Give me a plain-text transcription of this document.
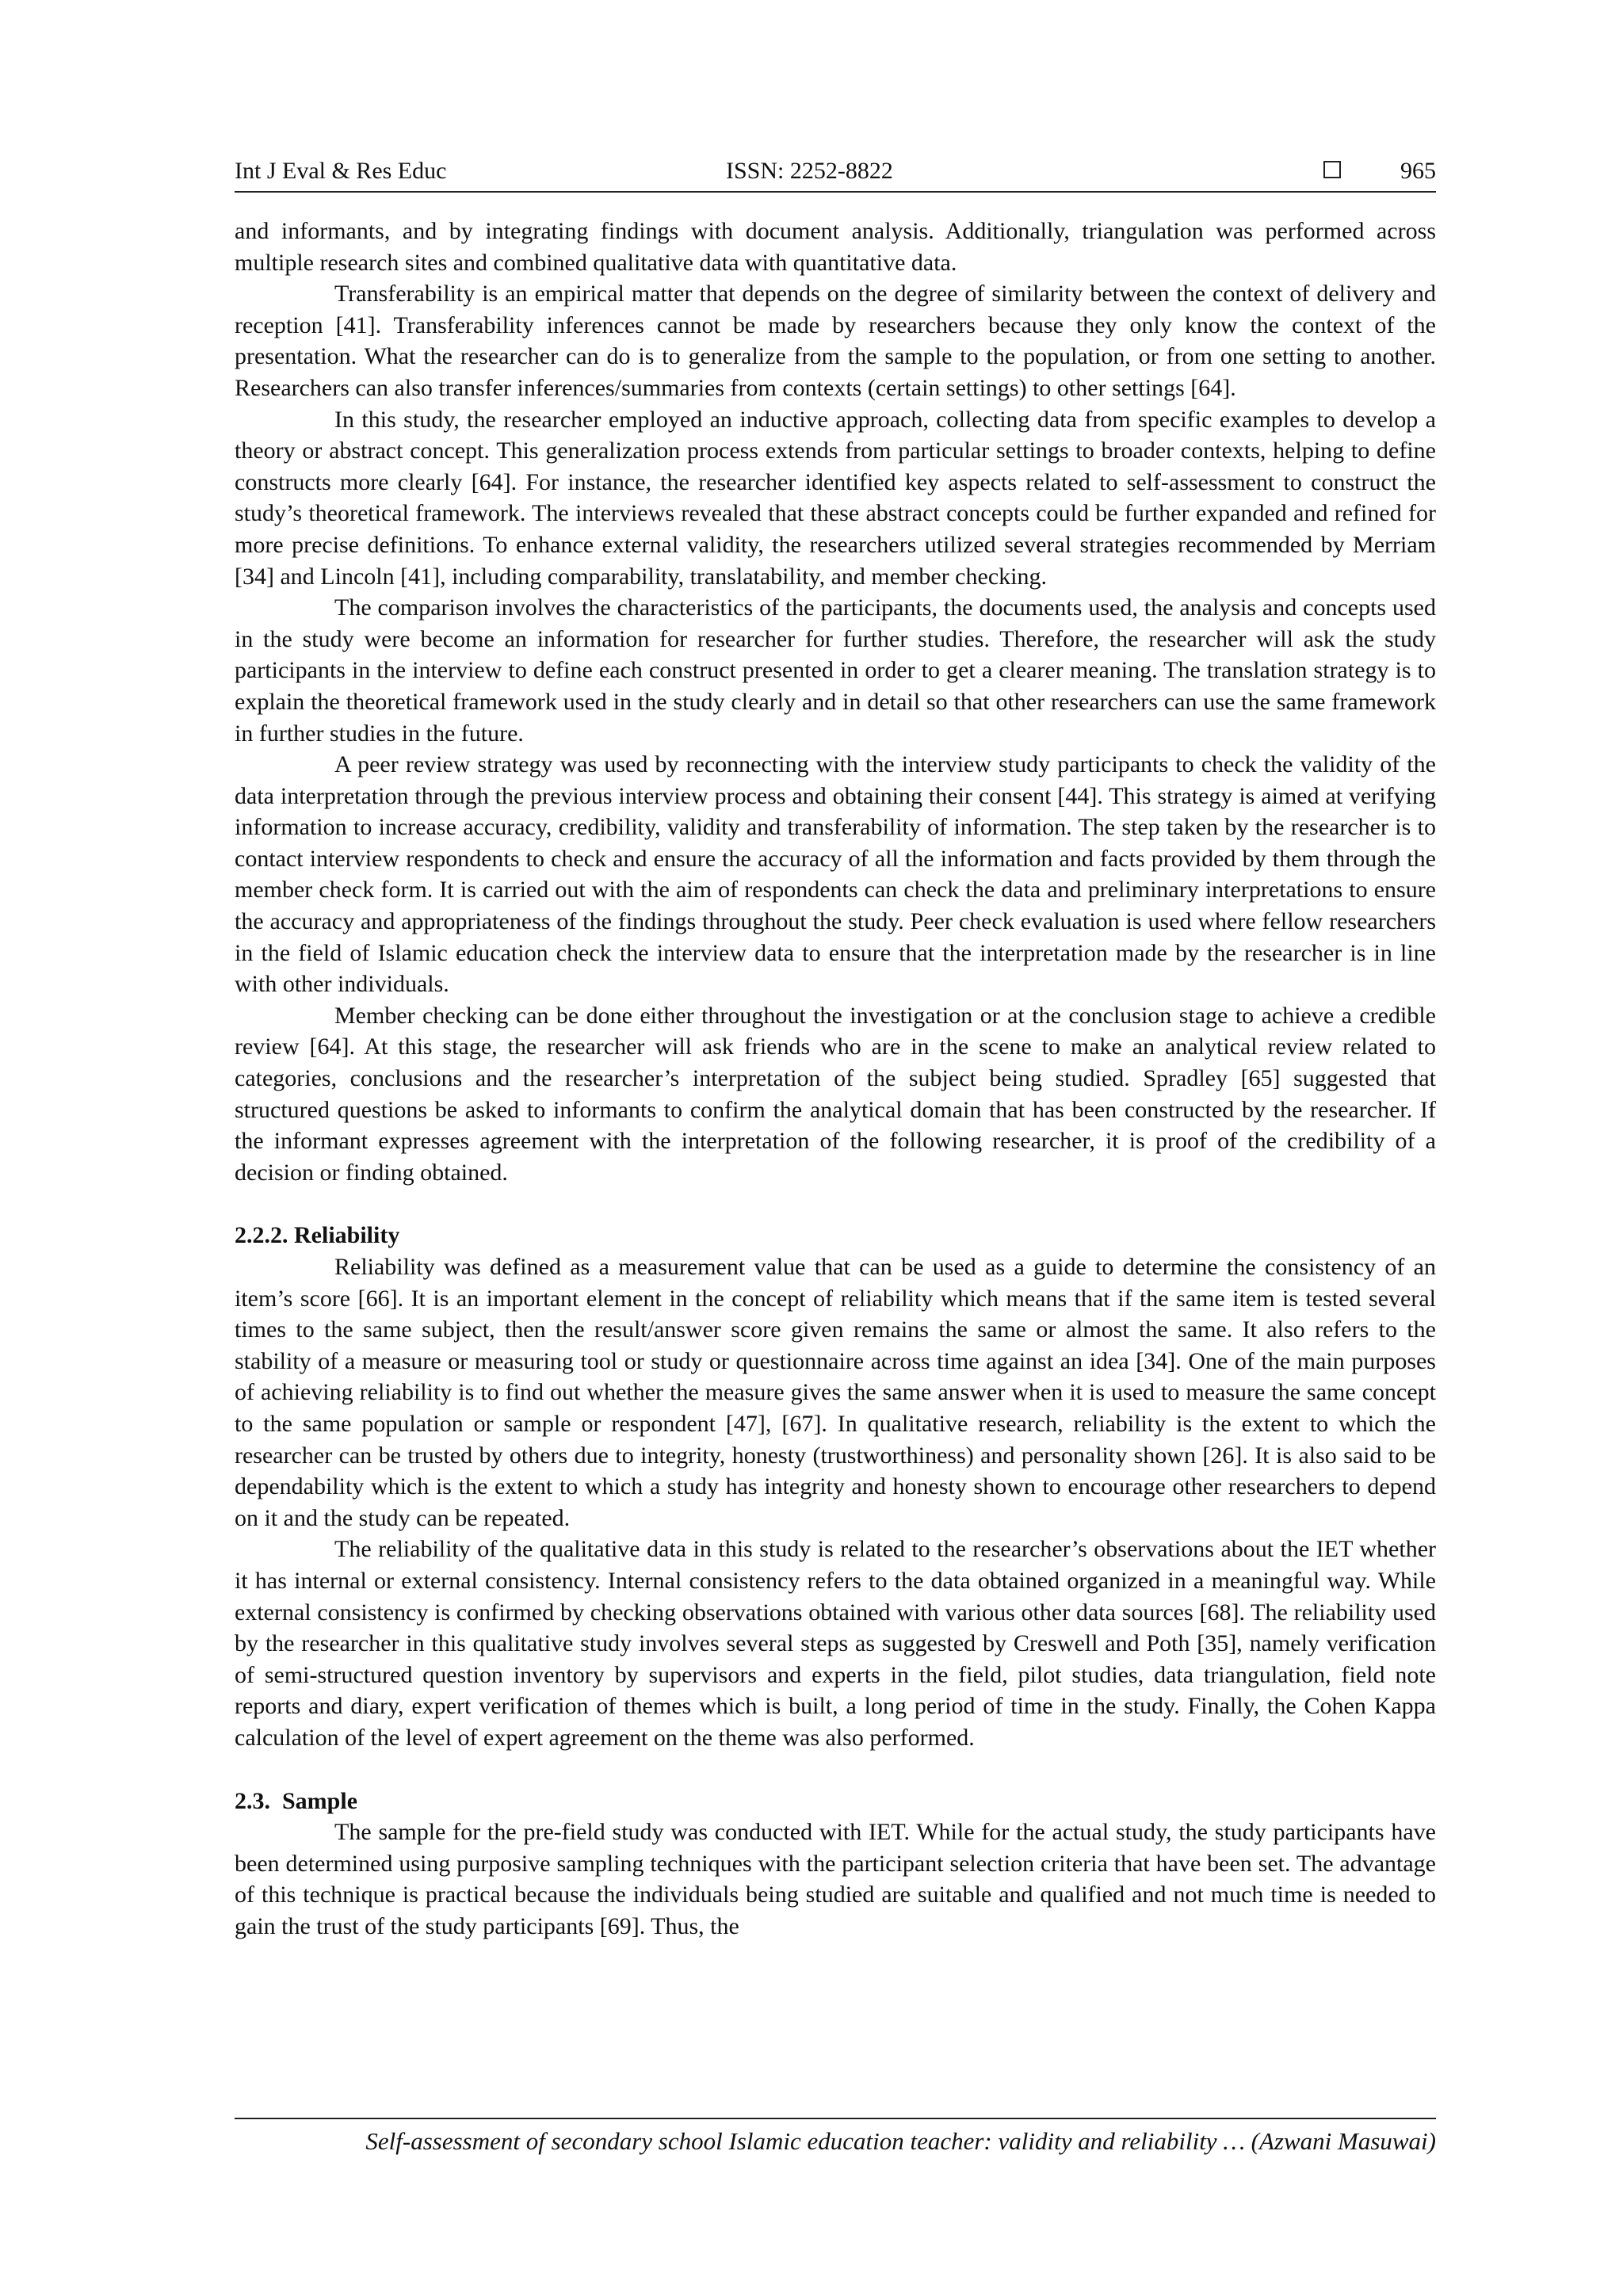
Int J Eval & Res Educ	ISSN: 2252-8822	965

and informants, and by integrating findings with document analysis. Additionally, triangulation was performed across multiple research sites and combined qualitative data with quantitative data.

Transferability is an empirical matter that depends on the degree of similarity between the context of delivery and reception [41]. Transferability inferences cannot be made by researchers because they only know the context of the presentation. What the researcher can do is to generalize from the sample to the population, or from one setting to another. Researchers can also transfer inferences/summaries from contexts (certain settings) to other settings [64].

In this study, the researcher employed an inductive approach, collecting data from specific examples to develop a theory or abstract concept. This generalization process extends from particular settings to broader contexts, helping to define constructs more clearly [64]. For instance, the researcher identified key aspects related to self-assessment to construct the study’s theoretical framework. The interviews revealed that these abstract concepts could be further expanded and refined for more precise definitions. To enhance external validity, the researchers utilized several strategies recommended by Merriam [34] and Lincoln [41], including comparability, translatability, and member checking.

The comparison involves the characteristics of the participants, the documents used, the analysis and concepts used in the study were become an information for researcher for further studies. Therefore, the researcher will ask the study participants in the interview to define each construct presented in order to get a clearer meaning. The translation strategy is to explain the theoretical framework used in the study clearly and in detail so that other researchers can use the same framework in further studies in the future.

A peer review strategy was used by reconnecting with the interview study participants to check the validity of the data interpretation through the previous interview process and obtaining their consent [44]. This strategy is aimed at verifying information to increase accuracy, credibility, validity and transferability of information. The step taken by the researcher is to contact interview respondents to check and ensure the accuracy of all the information and facts provided by them through the member check form. It is carried out with the aim of respondents can check the data and preliminary interpretations to ensure the accuracy and appropriateness of the findings throughout the study. Peer check evaluation is used where fellow researchers in the field of Islamic education check the interview data to ensure that the interpretation made by the researcher is in line with other individuals.

Member checking can be done either throughout the investigation or at the conclusion stage to achieve a credible review [64]. At this stage, the researcher will ask friends who are in the scene to make an analytical review related to categories, conclusions and the researcher’s interpretation of the subject being studied. Spradley [65] suggested that structured questions be asked to informants to confirm the analytical domain that has been constructed by the researcher. If the informant expresses agreement with the interpretation of the following researcher, it is proof of the credibility of a decision or finding obtained.

2.2.2. Reliability

Reliability was defined as a measurement value that can be used as a guide to determine the consistency of an item’s score [66]. It is an important element in the concept of reliability which means that if the same item is tested several times to the same subject, then the result/answer score given remains the same or almost the same. It also refers to the stability of a measure or measuring tool or study or questionnaire across time against an idea [34]. One of the main purposes of achieving reliability is to find out whether the measure gives the same answer when it is used to measure the same concept to the same population or sample or respondent [47], [67]. In qualitative research, reliability is the extent to which the researcher can be trusted by others due to integrity, honesty (trustworthiness) and personality shown [26]. It is also said to be dependability which is the extent to which a study has integrity and honesty shown to encourage other researchers to depend on it and the study can be repeated.

The reliability of the qualitative data in this study is related to the researcher’s observations about the IET whether it has internal or external consistency. Internal consistency refers to the data obtained organized in a meaningful way. While external consistency is confirmed by checking observations obtained with various other data sources [68]. The reliability used by the researcher in this qualitative study involves several steps as suggested by Creswell and Poth [35], namely verification of semi-structured question inventory by supervisors and experts in the field, pilot studies, data triangulation, field note reports and diary, expert verification of themes which is built, a long period of time in the study. Finally, the Cohen Kappa calculation of the level of expert agreement on the theme was also performed.

2.3.  Sample

The sample for the pre-field study was conducted with IET. While for the actual study, the study participants have been determined using purposive sampling techniques with the participant selection criteria that have been set. The advantage of this technique is practical because the individuals being studied are suitable and qualified and not much time is needed to gain the trust of the study participants [69]. Thus, the

Self-assessment of secondary school Islamic education teacher: validity and reliability … (Azwani Masuwai)
